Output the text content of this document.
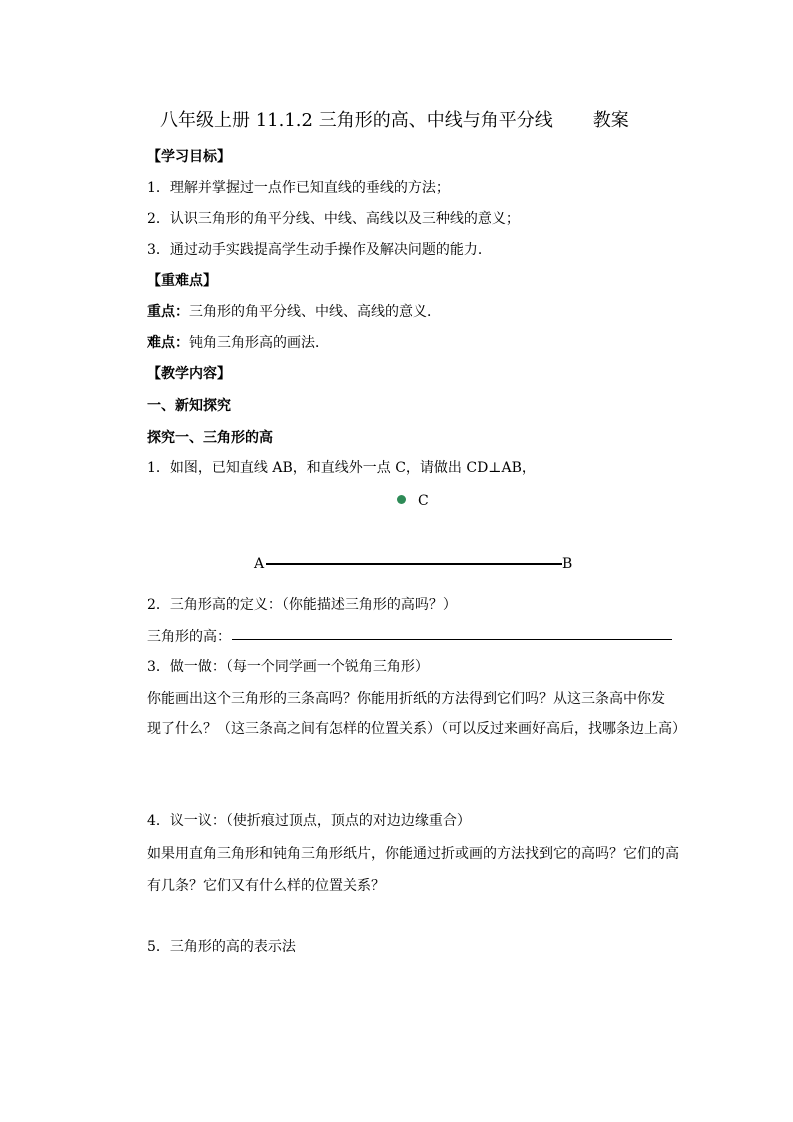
八年级上册 11.1.2 三角形的高、中线与角平分线 教案
【学习目标】
1．理解并掌握过一点作已知直线的垂线的方法；
2．认识三角形的角平分线、中线、高线以及三种线的意义；
3．通过动手实践提高学生动手操作及解决问题的能力．
【重难点】
重点：三角形的角平分线、中线、高线的意义．
难点：钝角三角形高的画法．
【教学内容】
一、新知探究
探究一、三角形的高
1．如图，已知直线 AB，和直线外一点 C，请做出 CD⊥AB，
C
A	B
2．三角形高的定义：（你能描述三角形的高吗？）
三角形的高：
3．做一做：（每一个同学画一个锐角三角形）
你能画出这个三角形的三条高吗？你能用折纸的方法得到它们吗？从这三条高中你发
现了什么？（这三条高之间有怎样的位置关系）（可以反过来画好高后，找哪条边上高）
4．议一议：（使折痕过顶点，顶点的对边边缘重合）
如果用直角三角形和钝角三角形纸片，你能通过折或画的方法找到它的高吗？它们的高
有几条？它们又有什么样的位置关系？
5．三角形的高的表示法
